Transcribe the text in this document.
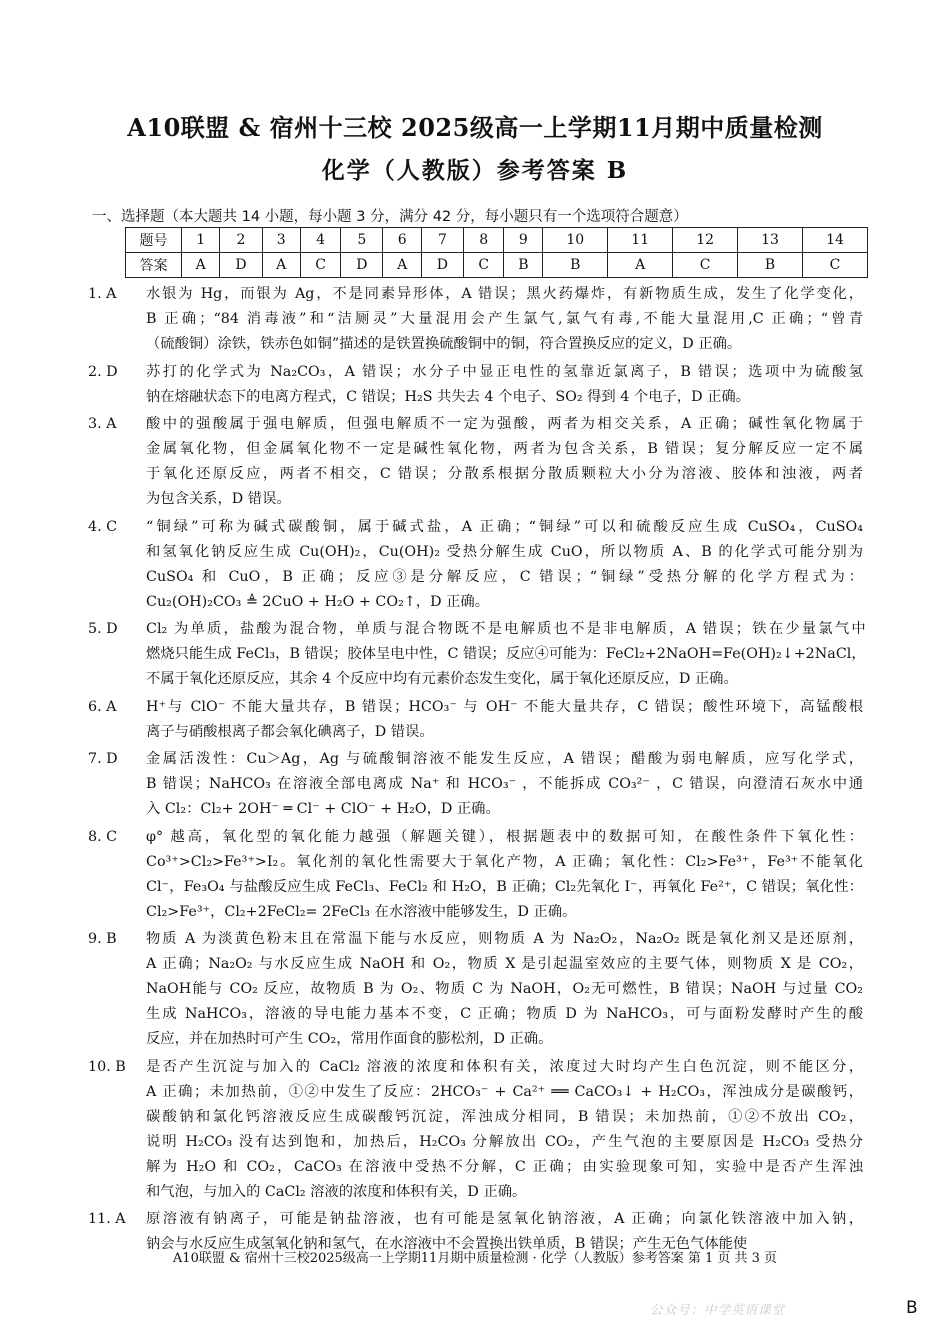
A10联盟 & 宿州十三校 2025级高一上学期11月期中质量检测
化学（人教版）参考答案 B
一、选择题（本大题共 14 小题，每小题 3 分，满分 42 分，每小题只有一个选项符合题意）
题号	1	2	3	4	5	6	7	8	9	10	11	12	13	14
答案	A	D	A	C	D	A	D	C	B	B	A	C	B	C
1. A	水银为 Hg，而银为 Ag，不是同素异形体，A 错误；黑火药爆炸，有新物质生成，发生了化学变化，
B 正确；“84 消毒液”和“洁厕灵”大量混用会产生氯气,氯气有毒,不能大量混用,C 正确；“曾青
（硫酸铜）涂铁，铁赤色如铜”描述的是铁置换硫酸铜中的铜，符合置换反应的定义，D 正确。
2. D	苏打的化学式为 Na₂CO₃，A 错误；水分子中显正电性的氢靠近氯离子，B 错误；选项中为硫酸氢
钠在熔融状态下的电离方程式，C 错误；H₂S 共失去 4 个电子、SO₂ 得到 4 个电子，D 正确。
3. A	酸中的强酸属于强电解质，但强电解质不一定为强酸，两者为相交关系，A 正确；碱性氧化物属于
金属氧化物，但金属氧化物不一定是碱性氧化物，两者为包含关系，B 错误；复分解反应一定不属
于氧化还原反应，两者不相交，C 错误；分散系根据分散质颗粒大小分为溶液、胶体和浊液，两者
为包含关系，D 错误。
4. C	“铜绿”可称为碱式碳酸铜，属于碱式盐，A 正确；“铜绿”可以和硫酸反应生成 CuSO₄，CuSO₄
和氢氧化钠反应生成 Cu(OH)₂，Cu(OH)₂ 受热分解生成 CuO，所以物质 A、B 的化学式可能分别为
CuSO₄ 和 CuO，B 正确；反应③是分解反应，C 错误；“铜绿”受热分解的化学方程式为：
Cu₂(OH)₂CO₃ ≜ 2CuO + H₂O + CO₂↑，D 正确。
5. D	Cl₂ 为单质，盐酸为混合物，单质与混合物既不是电解质也不是非电解质，A 错误；铁在少量氯气中
燃烧只能生成 FeCl₃，B 错误；胶体呈电中性，C 错误；反应④可能为：FeCl₂+2NaOH=Fe(OH)₂↓+2NaCl，
不属于氧化还原反应，其余 4 个反应中均有元素价态发生变化，属于氧化还原反应，D 正确。
6. A	H⁺与 ClO⁻ 不能大量共存，B 错误；HCO₃⁻ 与 OH⁻ 不能大量共存，C 错误；酸性环境下，高锰酸根
离子与硝酸根离子都会氧化碘离子，D 错误。
7. D	金属活泼性：Cu＞Ag，Ag 与硫酸铜溶液不能发生反应，A 错误；醋酸为弱电解质，应写化学式，
B 错误；NaHCO₃ 在溶液全部电离成 Na⁺ 和 HCO₃⁻ ，不能拆成 CO₃²⁻ ，C 错误，向澄清石灰水中通
入 Cl₂：Cl₂+ 2OH⁻ ═ Cl⁻ + ClO⁻ + H₂O，D 正确。
8. C	φ° 越高，氧化型的氧化能力越强（解题关键），根据题表中的数据可知，在酸性条件下氧化性：
Co³⁺>Cl₂>Fe³⁺>I₂。氧化剂的氧化性需要大于氧化产物，A 正确；氧化性：Cl₂>Fe³⁺，Fe³⁺不能氧化
Cl⁻，Fe₃O₄ 与盐酸反应生成 FeCl₃、FeCl₂ 和 H₂O，B 正确；Cl₂先氧化 I⁻，再氧化 Fe²⁺，C 错误；氧化性：
Cl₂>Fe³⁺，Cl₂+2FeCl₂= 2FeCl₃ 在水溶液中能够发生，D 正确。
9. B	物质 A 为淡黄色粉末且在常温下能与水反应，则物质 A 为 Na₂O₂，Na₂O₂ 既是氧化剂又是还原剂，
A 正确；Na₂O₂ 与水反应生成 NaOH 和 O₂，物质 X 是引起温室效应的主要气体，则物质 X 是 CO₂，
NaOH能与 CO₂ 反应，故物质 B 为 O₂、物质 C 为 NaOH，O₂无可燃性，B 错误；NaOH 与过量 CO₂
生成 NaHCO₃，溶液的导电能力基本不变，C 正确；物质 D 为 NaHCO₃，可与面粉发酵时产生的酸
反应，并在加热时可产生 CO₂，常用作面食的膨松剂，D 正确。
10. B	是否产生沉淀与加入的 CaCl₂ 溶液的浓度和体积有关，浓度过大时均产生白色沉淀，则不能区分，
A 正确；未加热前，①②中发生了反应：2HCO₃⁻ + Ca²⁺ ══ CaCO₃↓ + H₂CO₃，浑浊成分是碳酸钙，
碳酸钠和氯化钙溶液反应生成碳酸钙沉淀，浑浊成分相同，B 错误；未加热前，①②不放出 CO₂，
说明 H₂CO₃ 没有达到饱和，加热后，H₂CO₃ 分解放出 CO₂，产生气泡的主要原因是 H₂CO₃ 受热分
解为 H₂O 和 CO₂，CaCO₃ 在溶液中受热不分解，C 正确；由实验现象可知，实验中是否产生浑浊
和气泡，与加入的 CaCl₂ 溶液的浓度和体积有关，D 正确。
11. A	原溶液有钠离子，可能是钠盐溶液，也有可能是氢氧化钠溶液，A 正确；向氯化铁溶液中加入钠，
钠会与水反应生成氢氧化钠和氢气，在水溶液中不会置换出铁单质，B 错误；产生无色气体能使
A10联盟 & 宿州十三校2025级高一上学期11月期中质量检测 · 化学（人教版）参考答案 第 1 页 共 3 页
公众号：中学英语课堂	B
